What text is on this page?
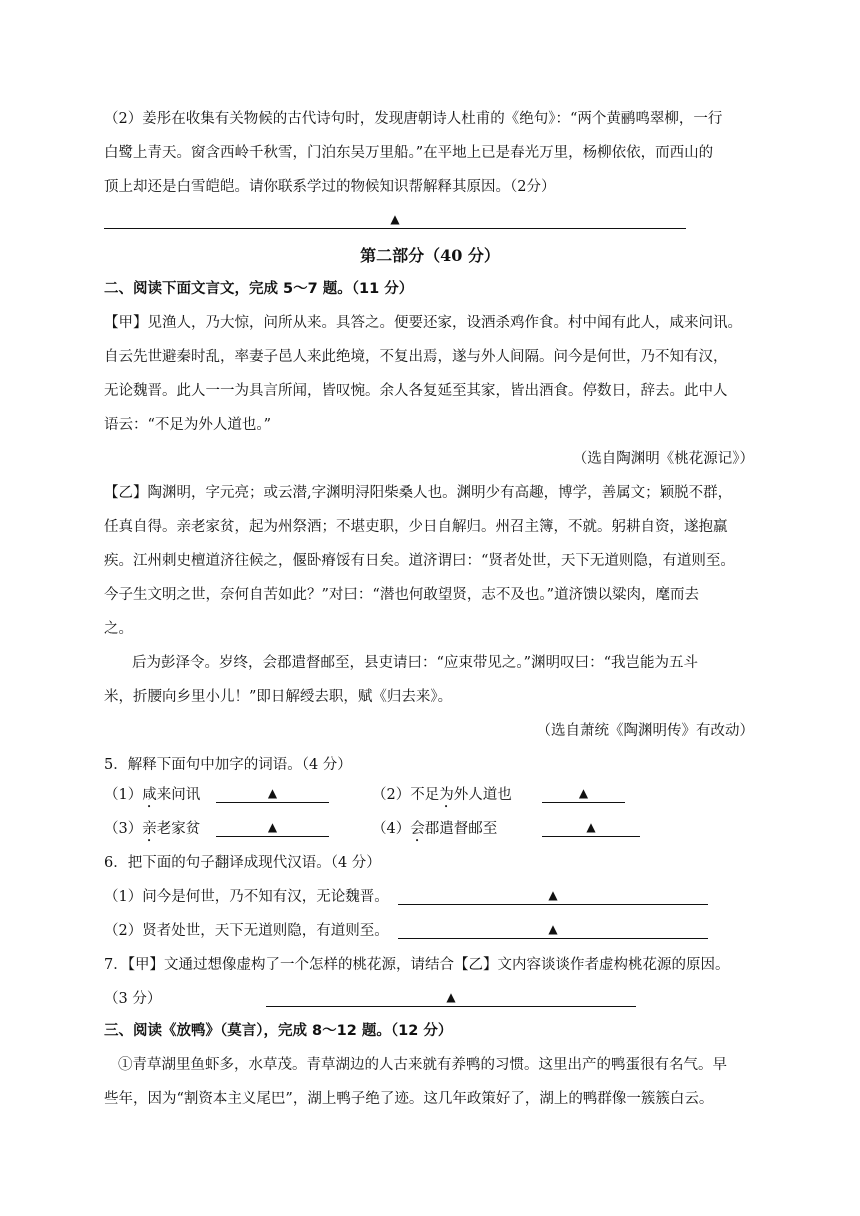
（2）姜彤在收集有关物候的古代诗句时，发现唐朝诗人杜甫的《绝句》：“两个黄鹂鸣翠柳，一行
白鹭上青天。窗含西岭千秋雪，门泊东吴万里船。”在平地上已是春光万里，杨柳依依，而西山的
顶上却还是白雪皑皑。请你联系学过的物候知识帮解释其原因。（2分）
▲
第二部分（40 分）
二、阅读下面文言文，完成 5～7 题。（11 分）
【甲】见渔人，乃大惊，问所从来。具答之。便要还家，设酒杀鸡作食。村中闻有此人，咸来问讯。
自云先世避秦时乱，率妻子邑人来此绝境，不复出焉，遂与外人间隔。问今是何世，乃不知有汉，
无论魏晋。此人一一为具言所闻，皆叹惋。余人各复延至其家，皆出酒食。停数日，辞去。此中人
语云：“不足为外人道也。”
（选自陶渊明《桃花源记》）
【乙】陶渊明，字元亮；或云潜,字渊明浔阳柴桑人也。渊明少有高趣，博学，善属文；颖脱不群，
任真自得。亲老家贫，起为州祭酒；不堪吏职，少日自解归。州召主簿，不就。躬耕自资，遂抱羸
疾。江州刺史檀道济往候之，偃卧瘠馁有日矣。道济谓曰：“贤者处世，天下无道则隐，有道则至。
今子生文明之世，奈何自苦如此？”对曰：“潜也何敢望贤，志不及也。”道济馈以粱肉，麾而去
之。
后为彭泽令。岁终，会郡遣督邮至，县吏请曰：“应束带见之。”渊明叹曰：“我岂能为五斗
米，折腰向乡里小儿！”即日解绶去职，赋《归去来》。
（选自萧统《陶渊明传》有改动）
5．解释下面句中加字的词语。（4 分）
（1）咸来问讯	▲	（2）不足为外人道也	▲
（3）亲老家贫	▲	（4）会郡遣督邮至	▲
6．把下面的句子翻译成现代汉语。（4 分）
（1）问今是何世，乃不知有汉，无论魏晋。	▲
（2）贤者处世，天下无道则隐，有道则至。	▲
7．【甲】文通过想像虚构了一个怎样的桃花源，请结合【乙】文内容谈谈作者虚构桃花源的原因。
（3 分）	▲
三、阅读《放鸭》（莫言），完成 8～12 题。（12 分）
①青草湖里鱼虾多，水草茂。青草湖边的人古来就有养鸭的习惯。这里出产的鸭蛋很有名气。早
些年，因为“割资本主义尾巴”，湖上鸭子绝了迹。这几年政策好了，湖上的鸭群像一簇簇白云。
